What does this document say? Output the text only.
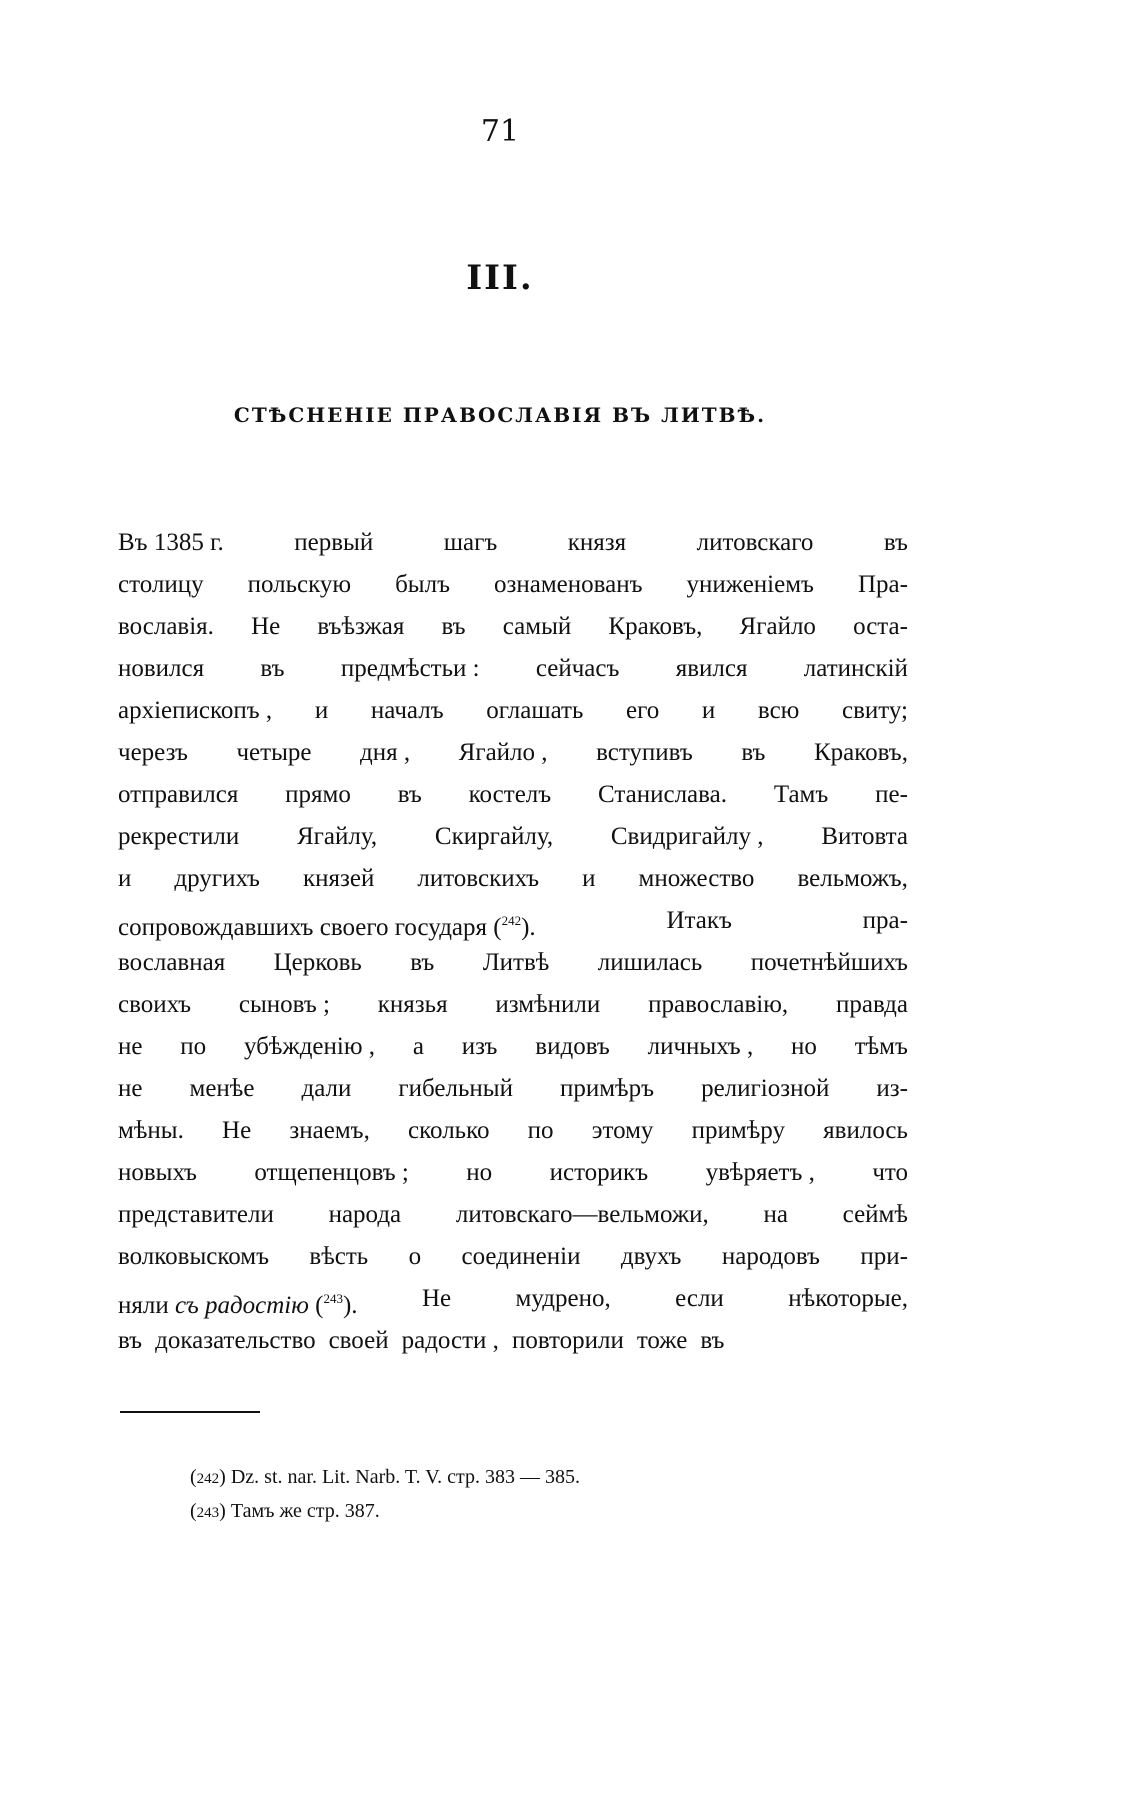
71
III.
СТѢСНЕНІЕ ПРАВОСЛАВІЯ ВЪ ЛИТВѢ.
Въ 1385 г.	первый	шагъ	князя	литовскаго	въ
столицу польскую былъ ознаменованъ униженіемъ Пра-
вославія. Не въѣзжая въ самый Краковъ, Ягайло оста-
новился въ предмѣстьи : сейчасъ явился латинскій
архіепископъ , и началъ оглашать его и всю свиту;
черезъ четыре дня , Ягайло , вступивъ въ Краковъ,
отправился прямо въ костелъ Станислава. Тамъ пе-
рекрестили Ягайлу, Скиргайлу, Свидригайлу , Витовта
и другихъ князей литовскихъ и множество вельможъ,
сопровождавшихъ своего государя ($^{242}$).	Итакъ	пра-
вославная Церковь въ Литвѣ лишилась почетнѣйшихъ
своихъ сыновъ ; князья измѣнили православію, правда
не по убѣжденію , а изъ видовъ личныхъ , но тѣмъ
не менѣе дали гибельный примѣръ религіозной из-
мѣны. Не знаемъ, сколько по этому примѣру явилось
новыхъ отщепенцовъ ; но историкъ увѣряетъ , что
представители народа литовскаго—вельможи, на сеймѣ
волковыскомъ вѣсть о соединеніи двухъ народовъ при-
няли съ радостію ($^{243}$).	Не	мудрено,	если	нѣкоторые,
въ доказательство своей радости , повторили тоже въ
(242) Dz. st. nar. Lit. Narb. T. V. стр. 383 — 385.
(243) Тамъ же стр. 387.
